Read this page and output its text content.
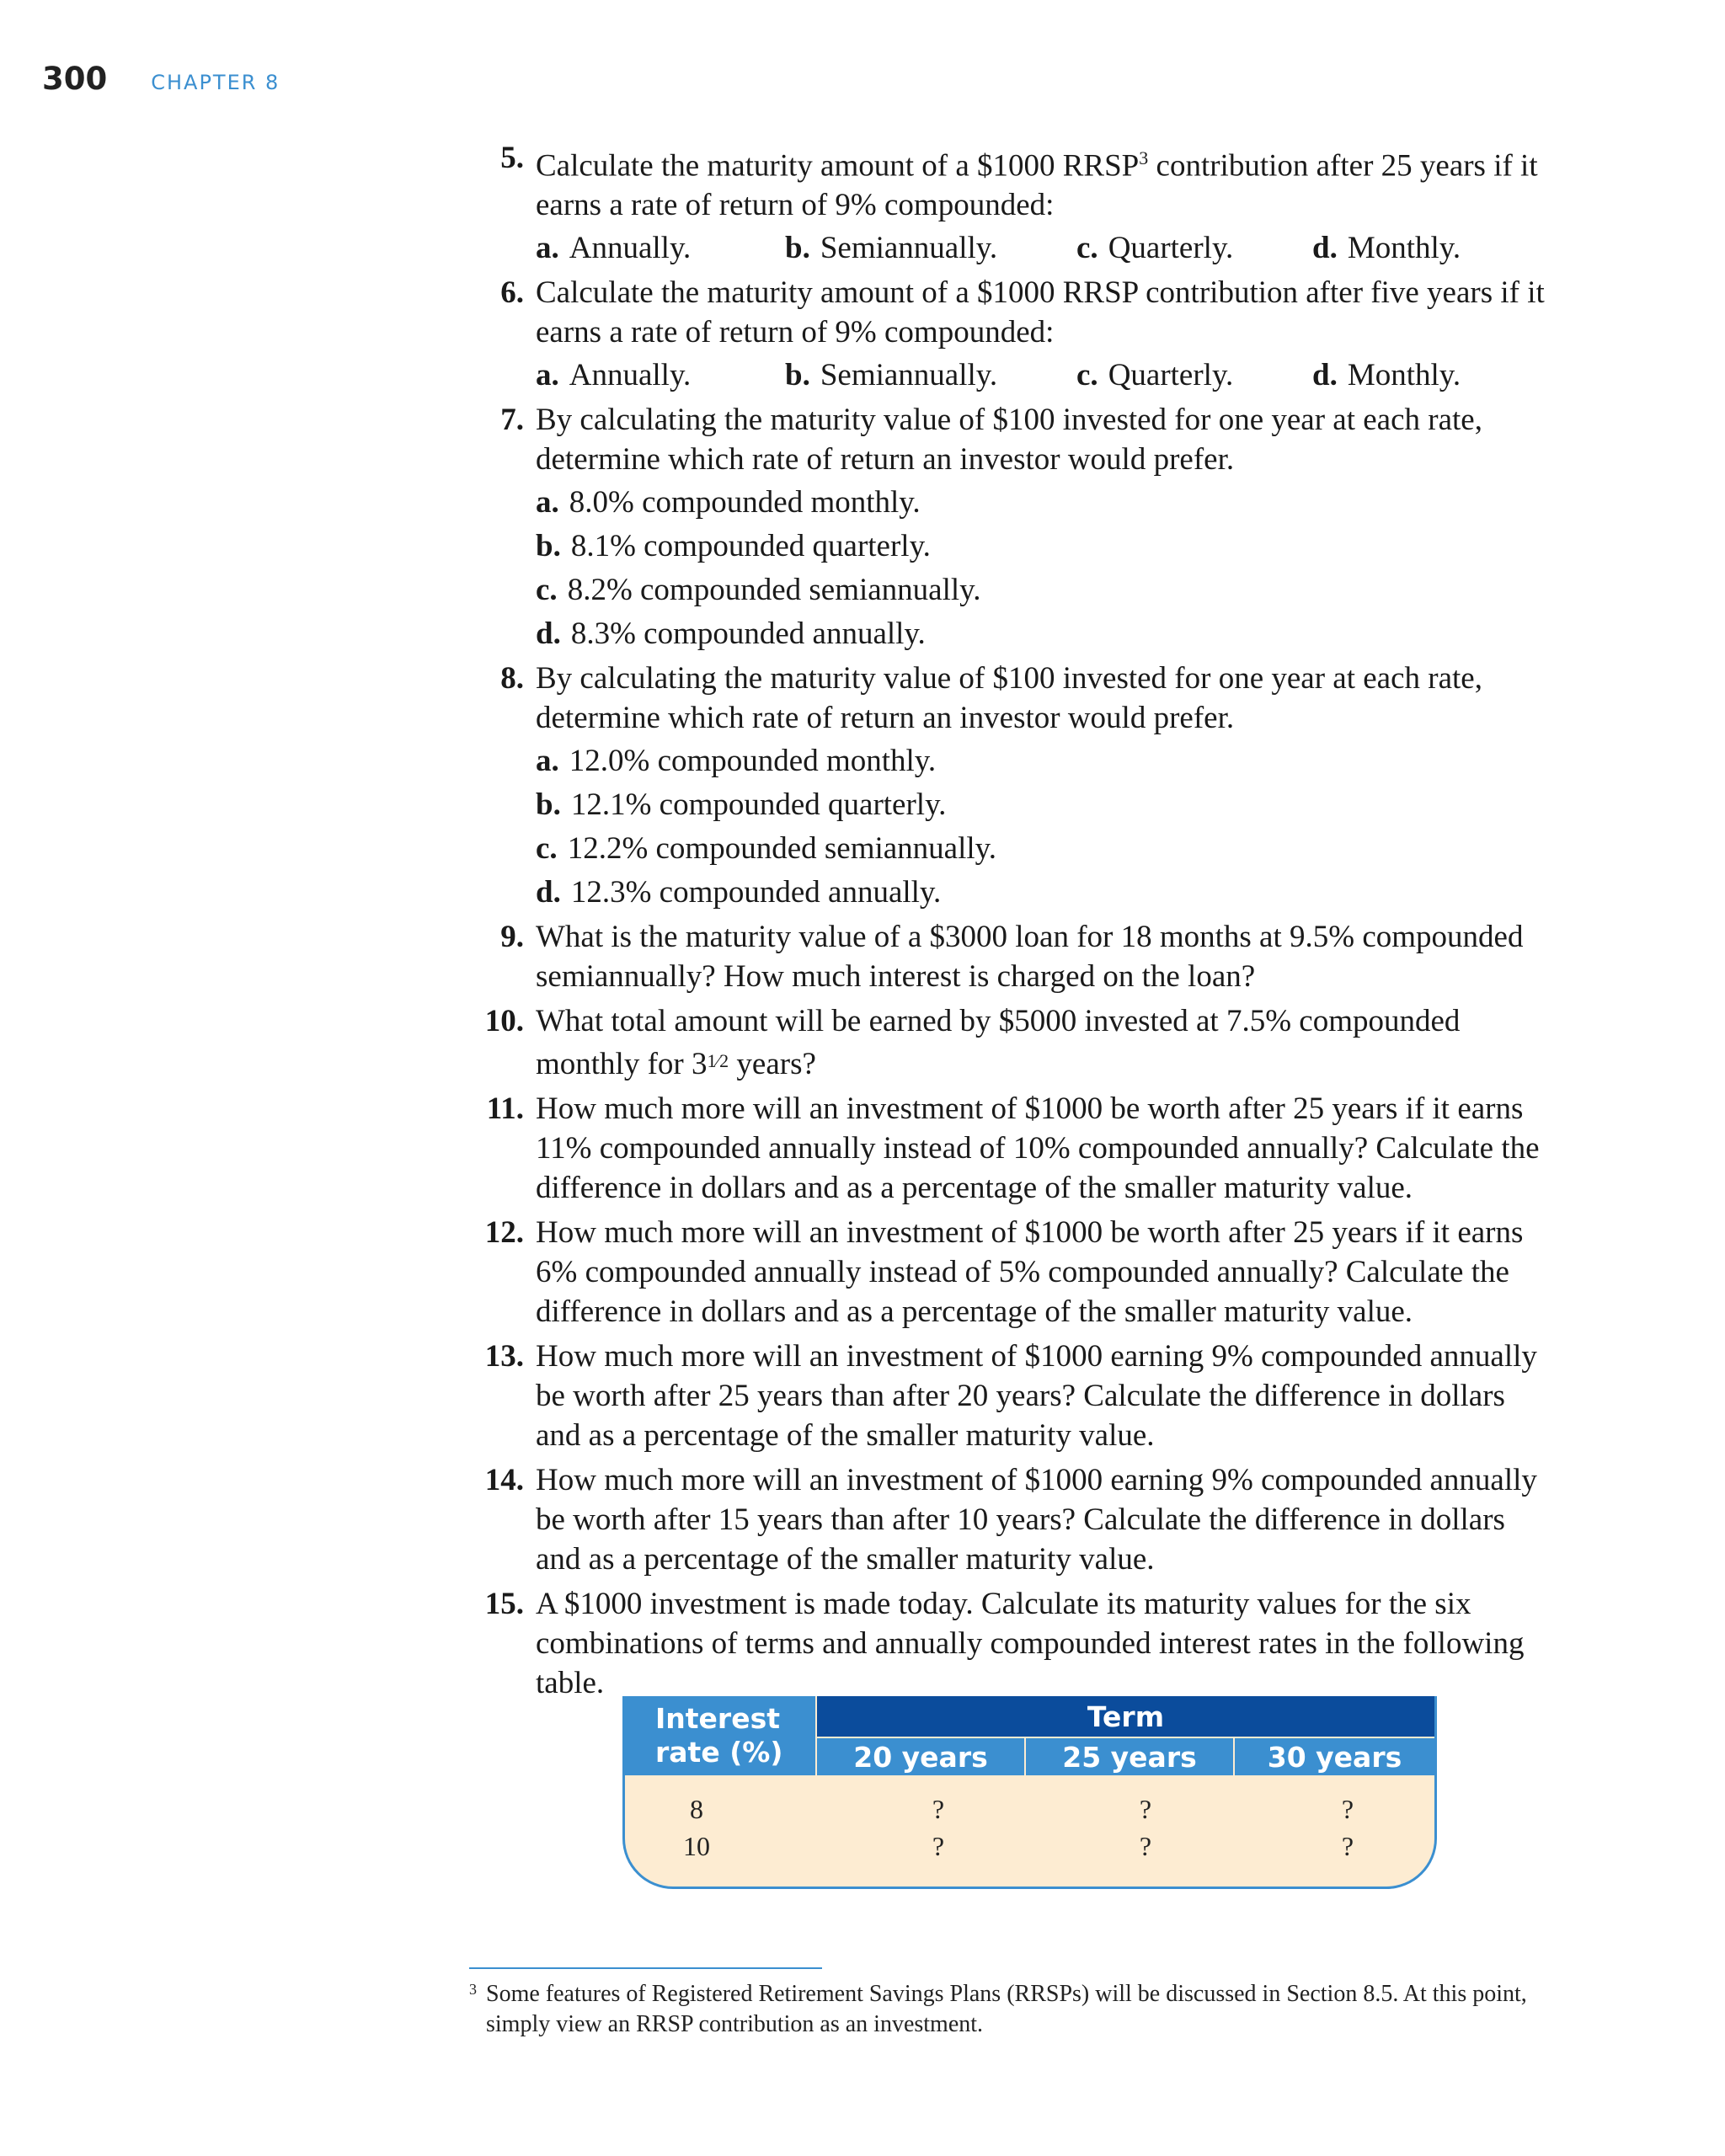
300 CHAPTER 8
5. Calculate the maturity amount of a $1000 RRSP$^3$ contribution after 25 years if it earns a rate of return of 9% compounded:
a. Annually.	b. Semiannually.	c. Quarterly.	d. Monthly.
6. Calculate the maturity amount of a $1000 RRSP contribution after five years if it earns a rate of return of 9% compounded:
a. Annually.	b. Semiannually.	c. Quarterly.	d. Monthly.
7. By calculating the maturity value of $100 invested for one year at each rate, determine which rate of return an investor would prefer.
a. 8.0% compounded monthly.
b. 8.1% compounded quarterly.
c. 8.2% compounded semiannually.
d. 8.3% compounded annually.
8. By calculating the maturity value of $100 invested for one year at each rate, determine which rate of return an investor would prefer.
a. 12.0% compounded monthly.
b. 12.1% compounded quarterly.
c. 12.2% compounded semiannually.
d. 12.3% compounded annually.
9. What is the maturity value of a $3000 loan for 18 months at 9.5% compounded semiannually? How much interest is charged on the loan?
10. What total amount will be earned by $5000 invested at 7.5% compounded monthly for $3^{1⁄2}$ years?
11. How much more will an investment of $1000 be worth after 25 years if it earns 11% compounded annually instead of 10% compounded annually? Calculate the difference in dollars and as a percentage of the smaller maturity value.
12. How much more will an investment of $1000 be worth after 25 years if it earns 6% compounded annually instead of 5% compounded annually? Calculate the difference in dollars and as a percentage of the smaller maturity value.
13. How much more will an investment of $1000 earning 9% compounded annually be worth after 25 years than after 20 years? Calculate the difference in dollars and as a percentage of the smaller maturity value.
14. How much more will an investment of $1000 earning 9% compounded annually be worth after 15 years than after 10 years? Calculate the difference in dollars and as a percentage of the smaller maturity value.
15. A $1000 investment is made today. Calculate its maturity values for the six combinations of terms and annually compounded interest rates in the following table.
Interest
rate (%)
Term
20 years	25 years	30 years
8	?	?	?
10	?	?	?
3 Some features of Registered Retirement Savings Plans (RRSPs) will be discussed in Section 8.5. At this point, simply view an RRSP contribution as an investment.
